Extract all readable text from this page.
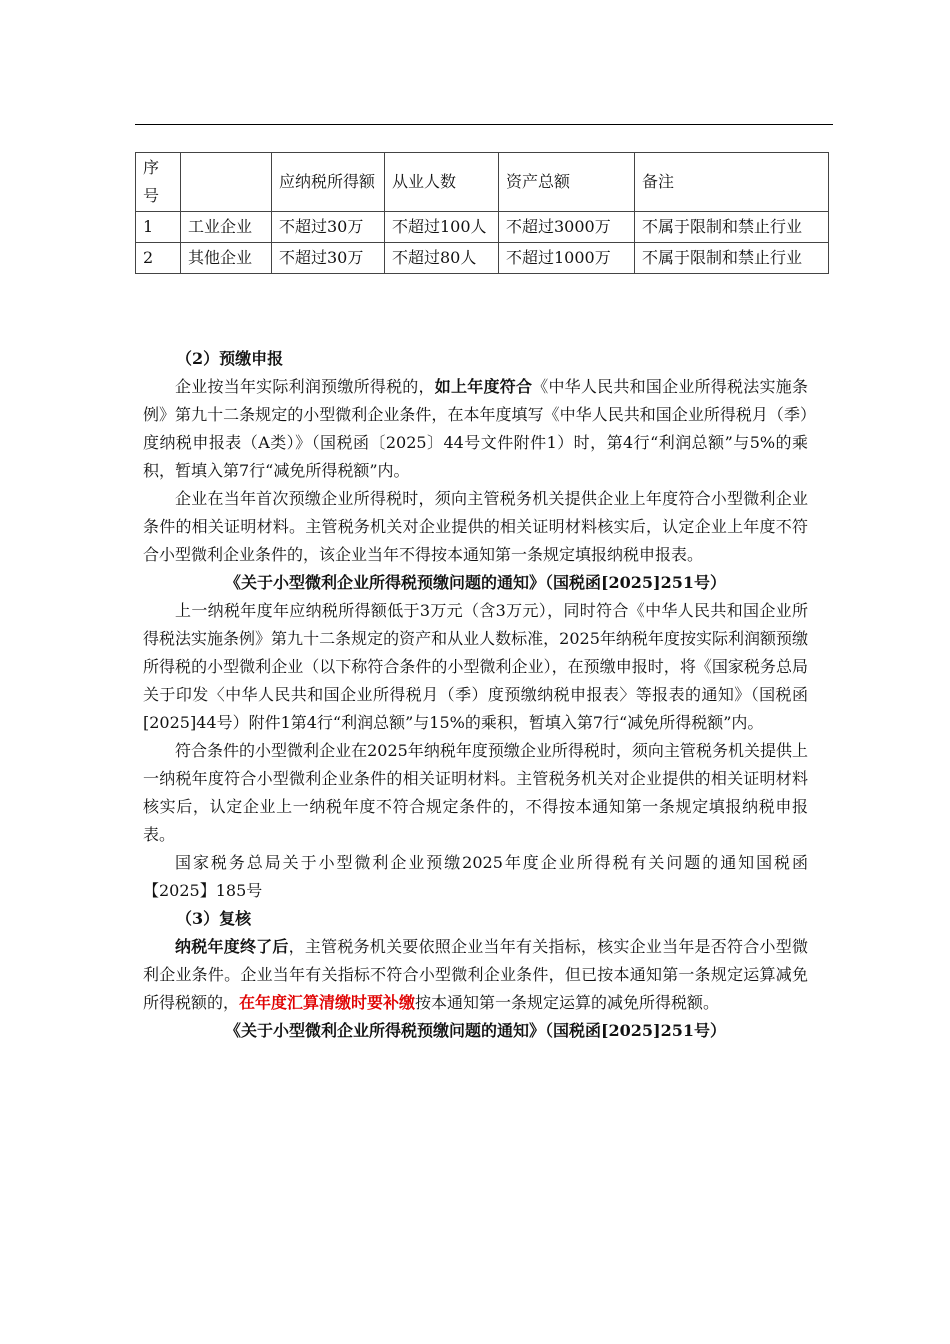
序号		应纳税所得额	从业人数	资产总额	备注
1	工业企业	不超过30万	不超过100人	不超过3000万	不属于限制和禁止行业
2	其他企业	不超过30万	不超过80人	不超过1000万	不属于限制和禁止行业

（2）预缴申报

企业按当年实际利润预缴所得税的，如上年度符合《中华人民共和国企业所得税法实施条例》第九十二条规定的小型微利企业条件，在本年度填写《中华人民共和国企业所得税月（季）度纳税申报表（A类）》（国税函〔2025〕44号文件附件1）时，第4行“利润总额”与5%的乘积，暂填入第7行“减免所得税额”内。

企业在当年首次预缴企业所得税时，须向主管税务机关提供企业上年度符合小型微利企业条件的相关证明材料。主管税务机关对企业提供的相关证明材料核实后，认定企业上年度不符合小型微利企业条件的，该企业当年不得按本通知第一条规定填报纳税申报表。

《关于小型微利企业所得税预缴问题的通知》（国税函[2025]251号）

上一纳税年度年应纳税所得额低于3万元（含3万元），同时符合《中华人民共和国企业所得税法实施条例》第九十二条规定的资产和从业人数标准，2025年纳税年度按实际利润额预缴所得税的小型微利企业（以下称符合条件的小型微利企业），在预缴申报时，将《国家税务总局关于印发〈中华人民共和国企业所得税月（季）度预缴纳税申报表〉等报表的通知》（国税函[2025]44号）附件1第4行“利润总额”与15%的乘积，暂填入第7行“减免所得税额”内。

符合条件的小型微利企业在2025年纳税年度预缴企业所得税时，须向主管税务机关提供上一纳税年度符合小型微利企业条件的相关证明材料。主管税务机关对企业提供的相关证明材料核实后，认定企业上一纳税年度不符合规定条件的，不得按本通知第一条规定填报纳税申报表。

国家税务总局关于小型微利企业预缴2025年度企业所得税有关问题的通知国税函【2025】185号

（3）复核

纳税年度终了后，主管税务机关要依照企业当年有关指标，核实企业当年是否符合小型微利企业条件。企业当年有关指标不符合小型微利企业条件，但已按本通知第一条规定运算减免所得税额的，在年度汇算清缴时要补缴按本通知第一条规定运算的减免所得税额。

《关于小型微利企业所得税预缴问题的通知》（国税函[2025]251号）
